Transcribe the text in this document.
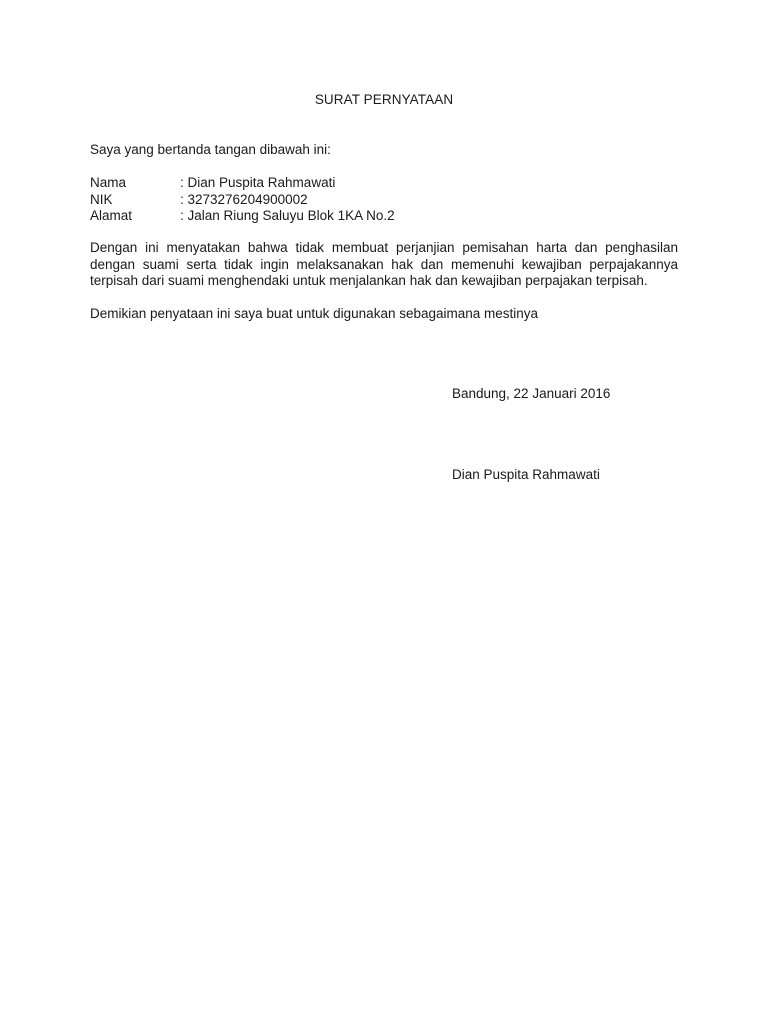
SURAT PERNYATAAN
Saya yang bertanda tangan dibawah ini:
Nama	: Dian Puspita Rahmawati
NIK	: 3273276204900002
Alamat	: Jalan Riung Saluyu Blok 1KA No.2
Dengan ini menyatakan bahwa tidak membuat perjanjian pemisahan harta dan penghasilan dengan suami serta tidak ingin melaksanakan hak dan memenuhi kewajiban perpajakannya terpisah dari suami menghendaki untuk menjalankan hak dan kewajiban perpajakan terpisah.
Demikian penyataan ini saya buat untuk digunakan sebagaimana mestinya
Bandung, 22 Januari 2016
Dian Puspita Rahmawati
